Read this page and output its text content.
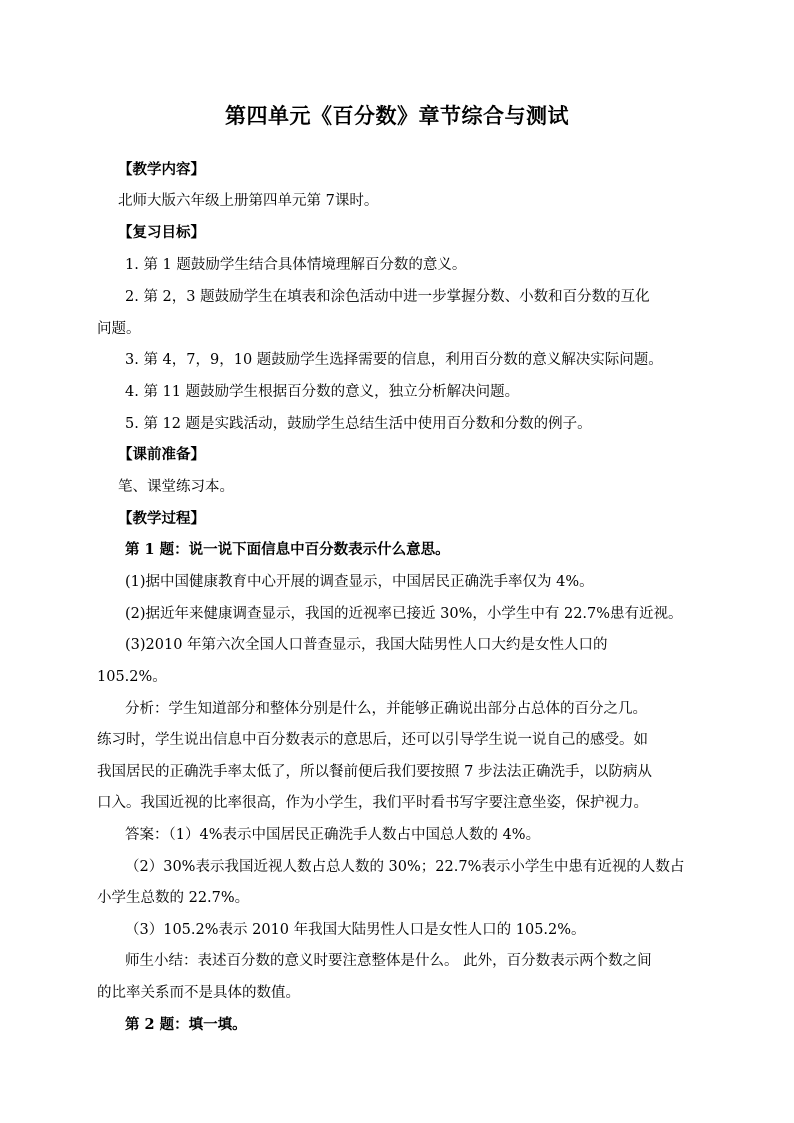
第四单元《百分数》章节综合与测试
【教学内容】
北师大版六年级上册第四单元第 7课时。
【复习目标】
1. 第 1 题鼓励学生结合具体情境理解百分数的意义。
2. 第 2，3 题鼓励学生在填表和涂色活动中进一步掌握分数、小数和百分数的互化
问题。
3. 第 4，7，9，10 题鼓励学生选择需要的信息，利用百分数的意义解决实际问题。
4. 第 11 题鼓励学生根据百分数的意义，独立分析解决问题。
5. 第 12 题是实践活动，鼓励学生总结生活中使用百分数和分数的例子。
【课前准备】
笔、课堂练习本。
【教学过程】
第 1 题：说一说下面信息中百分数表示什么意思。
(1)据中国健康教育中心开展的调查显示，中国居民正确洗手率仅为 4%。
(2)据近年来健康调查显示，我国的近视率已接近 30%，小学生中有 22.7%患有近视。
(3)2010 年第六次全国人口普查显示，我国大陆男性人口大约是女性人口的
105.2%。
分析：学生知道部分和整体分别是什么，并能够正确说出部分占总体的百分之几。
练习时，学生说出信息中百分数表示的意思后，还可以引导学生说一说自己的感受。如
我国居民的正确洗手率太低了，所以餐前便后我们要按照 7 步法法正确洗手，以防病从
口入。我国近视的比率很高，作为小学生，我们平时看书写字要注意坐姿，保护视力。
答案：（1）4%表示中国居民正确洗手人数占中国总人数的 4%。
（2）30%表示我国近视人数占总人数的 30%；22.7%表示小学生中患有近视的人数占
小学生总数的 22.7%。
（3）105.2%表示 2010 年我国大陆男性人口是女性人口的 105.2%。
师生小结：表述百分数的意义时要注意整体是什么。 此外，百分数表示两个数之间
的比率关系而不是具体的数值。
第 2 题：填一填。
